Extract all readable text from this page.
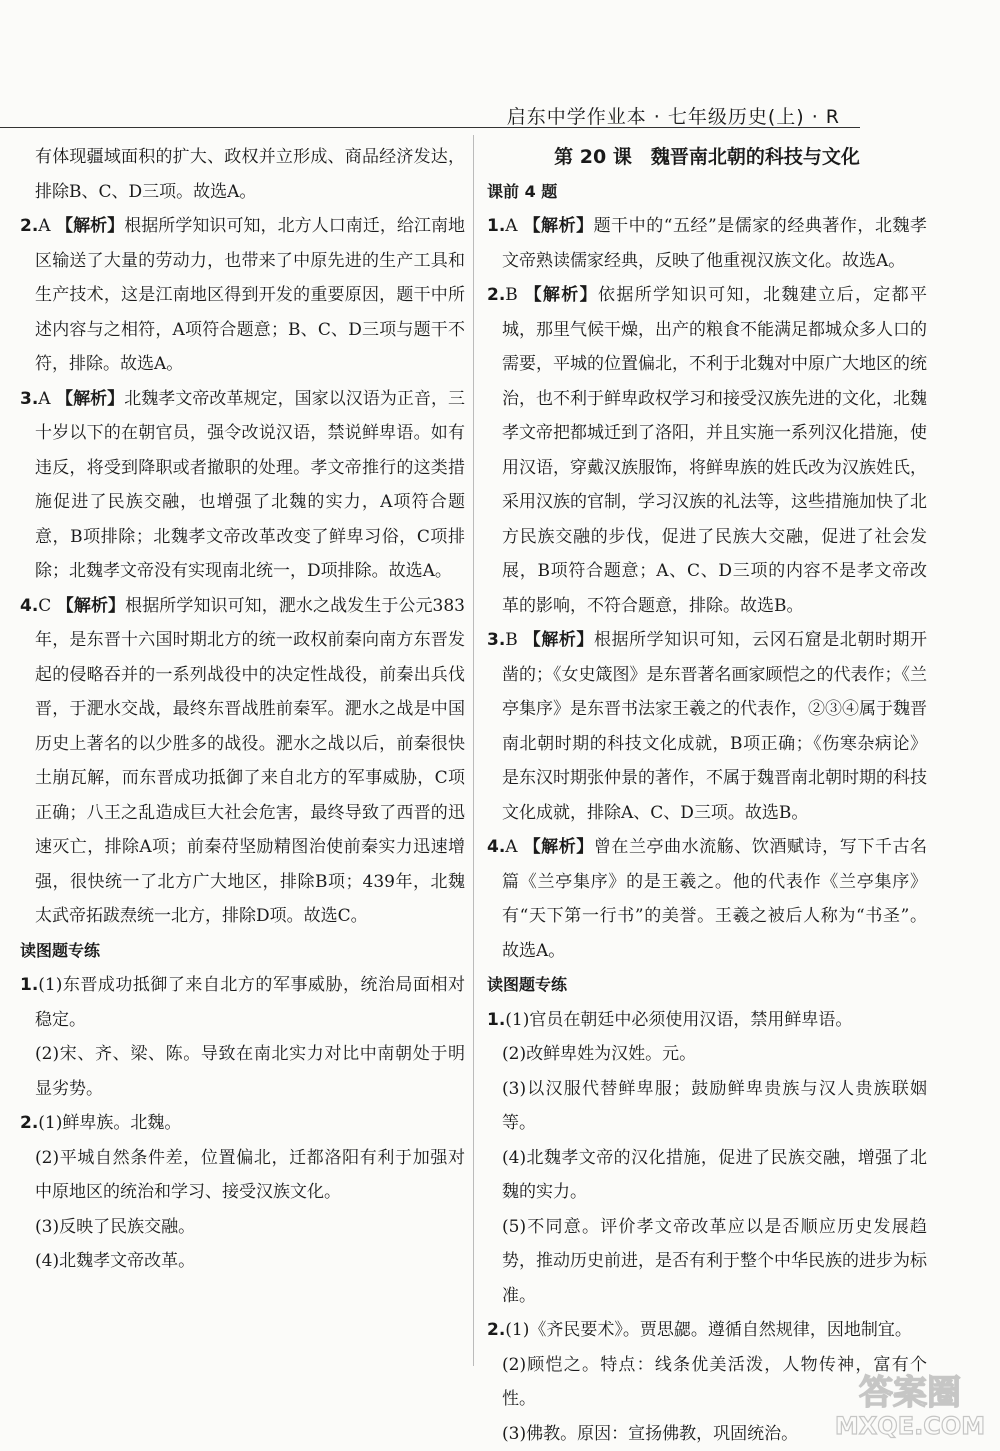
启东中学作业本 · 七年级历史(上) · R

有体现疆域面积的扩大、政权并立形成、商品经济发达，排除B、C、D三项。故选A。

2.A 【解析】根据所学知识可知，北方人口南迁，给江南地区输送了大量的劳动力，也带来了中原先进的生产工具和生产技术，这是江南地区得到开发的重要原因，题干中所述内容与之相符，A项符合题意；B、C、D三项与题干不符，排除。故选A。

3.A 【解析】北魏孝文帝改革规定，国家以汉语为正音，三十岁以下的在朝官员，强令改说汉语，禁说鲜卑语。如有违反，将受到降职或者撤职的处理。孝文帝推行的这类措施促进了民族交融，也增强了北魏的实力，A项符合题意，B项排除；北魏孝文帝改革改变了鲜卑习俗，C项排除；北魏孝文帝没有实现南北统一，D项排除。故选A。

4.C 【解析】根据所学知识可知，淝水之战发生于公元383年，是东晋十六国时期北方的统一政权前秦向南方东晋发起的侵略吞并的一系列战役中的决定性战役，前秦出兵伐晋，于淝水交战，最终东晋战胜前秦军。淝水之战是中国历史上著名的以少胜多的战役。淝水之战以后，前秦很快土崩瓦解，而东晋成功抵御了来自北方的军事威胁，C项正确；八王之乱造成巨大社会危害，最终导致了西晋的迅速灭亡，排除A项；前秦苻坚励精图治使前秦实力迅速增强，很快统一了北方广大地区，排除B项；439年，北魏太武帝拓跋焘统一北方，排除D项。故选C。

读图题专练

1.(1)东晋成功抵御了来自北方的军事威胁，统治局面相对稳定。

(2)宋、齐、梁、陈。导致在南北实力对比中南朝处于明显劣势。

2.(1)鲜卑族。北魏。

(2)平城自然条件差，位置偏北，迁都洛阳有利于加强对中原地区的统治和学习、接受汉族文化。

(3)反映了民族交融。

(4)北魏孝文帝改革。

第 20 课　魏晋南北朝的科技与文化

课前 4 题

1.A 【解析】题干中的“五经”是儒家的经典著作，北魏孝文帝熟读儒家经典，反映了他重视汉族文化。故选A。

2.B 【解析】依据所学知识可知，北魏建立后，定都平城，那里气候干燥，出产的粮食不能满足都城众多人口的需要，平城的位置偏北，不利于北魏对中原广大地区的统治，也不利于鲜卑政权学习和接受汉族先进的文化，北魏孝文帝把都城迁到了洛阳，并且实施一系列汉化措施，使用汉语，穿戴汉族服饰，将鲜卑族的姓氏改为汉族姓氏，采用汉族的官制，学习汉族的礼法等，这些措施加快了北方民族交融的步伐，促进了民族大交融，促进了社会发展，B项符合题意；A、C、D三项的内容不是孝文帝改革的影响，不符合题意，排除。故选B。

3.B 【解析】根据所学知识可知，云冈石窟是北朝时期开凿的；《女史箴图》是东晋著名画家顾恺之的代表作；《兰亭集序》是东晋书法家王羲之的代表作，②③④属于魏晋南北朝时期的科技文化成就，B项正确；《伤寒杂病论》是东汉时期张仲景的著作，不属于魏晋南北朝时期的科技文化成就，排除A、C、D三项。故选B。

4.A 【解析】曾在兰亭曲水流觞、饮酒赋诗，写下千古名篇《兰亭集序》的是王羲之。他的代表作《兰亭集序》有“天下第一行书”的美誉。王羲之被后人称为“书圣”。故选A。

读图题专练

1.(1)官员在朝廷中必须使用汉语，禁用鲜卑语。

(2)改鲜卑姓为汉姓。元。

(3)以汉服代替鲜卑服；鼓励鲜卑贵族与汉人贵族联姻等。

(4)北魏孝文帝的汉化措施，促进了民族交融，增强了北魏的实力。

(5)不同意。评价孝文帝改革应以是否顺应历史发展趋势，推动历史前进，是否有利于整个中华民族的进步为标准。

2.(1)《齐民要术》。贾思勰。遵循自然规律，因地制宜。

(2)顾恺之。特点：线条优美活泼，人物传神，富有个性。

(3)佛教。原因：宣扬佛教，巩固统治。

答案圈
MXQE.COM
